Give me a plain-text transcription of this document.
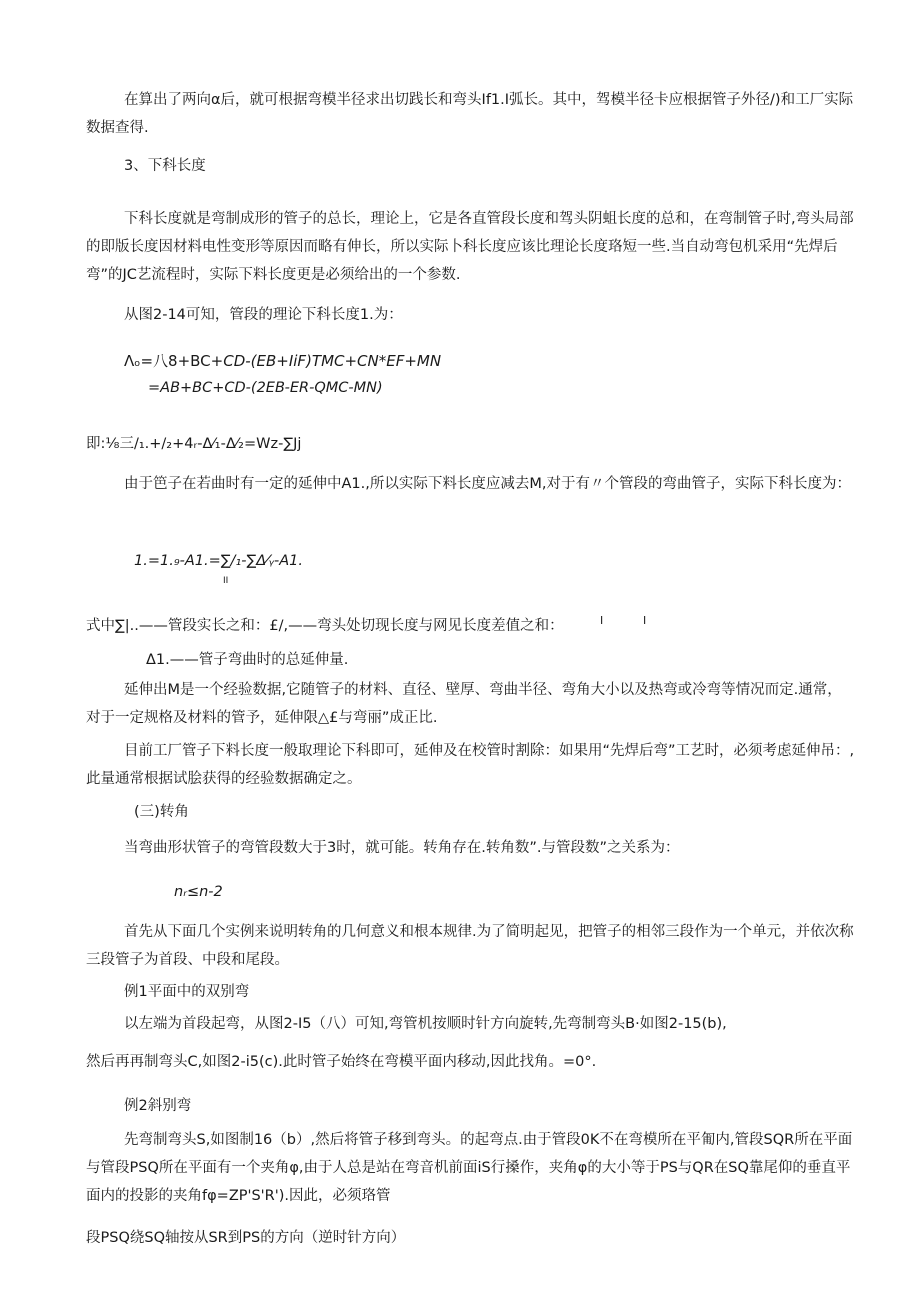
在算出了两向α后，就可根据弯模半径求出切践长和弯头If1.I弧长。其中，驾模半径卡应根据管子外径/)和工厂实际数据查得.
3、下科长度
下科长度就是弯制成形的管子的总长，理论上，它是各直管段长度和驾头阴蛆长度的总和，在弯制管子时,弯头局部的即版长度因材料电性变形等原因而略有伸长，所以实际卜科长度应该比理论长度珞短一些.当自动弯包机采用“先焊后弯”的JC艺流程时，实际下料长度更是必须给出的一个参数.
从图2-14可知，管段的理论下科长度1.为：
Λₒ=八8+BC+CD-(EB+IiF)TMC+CN*EF+MN
=AB+BC+CD-(2EB-ER-QMC-MN)
即:⅛三/₁.+/₂+4ᵣ-Δ⁄₁-Δ⁄₂=Wz-∑Jj
由于笆子在若曲时有一定的延伸中A1.,所以实际下料长度应减去M,对于有〃个管段的弯曲管子，实际下科长度为：
1.=1.₉-A1.=∑/₁-∑Δ⁄ᵧ-A1.
II
式中∑|..——管段实长之和：£/,——弯头处切现长度与网见长度差值之和：	I	I
Δ1.——管子弯曲时的总延伸量.
延伸出M是一个经验数据,它随管子的材料、直径、壁厚、弯曲半径、弯角大小以及热弯或冷弯等情况而定.通常，对于一定规格及材料的管予，延伸限△£与弯丽”成正比.
目前工厂管子下料长度一般取理论下科即可，延伸及在校管时割除：如果用“先焊后弯”工艺时，必须考虑延伸吊：,此量通常根据试脍获得的经验数据确定之。
(三)转角
当弯曲形状管子的弯管段数大于3时，就可能。转角存在.转角数”.与管段数”之关系为：
nᵣ≤n-2
首先从下面几个实例来说明转角的几何意义和根本规律.为了简明起见，把管子的相邻三段作为一个单元，并依次称三段管子为首段、中段和尾段。
例1平面中的双别弯
以左端为首段起弯，从图2-I5（八）可知,弯管机按顺时针方向旋转,先弯制弯头B·如图2-15(b),
然后再再制弯头C,如图2-i5(c).此时管子始终在弯模平面内移动,因此找角。=0°.
例2斜别弯
先弯制弯头S,如图制16（b）,然后将管子移到弯头。的起弯点.由于管段0K不在弯模所在平匍内,管段SQR所在平面与管段PSQ所在平面有一个夹角φ,由于人总是站在弯音机前面iS行搡作，夹角φ的大小等于PS与QR在SQ靠尾仰的垂直平面内的投影的夹角fφ=ZP'S'R').因此，必须珞管
段PSQ绕SQ轴按从SR到PS的方向（逆时针方向）
